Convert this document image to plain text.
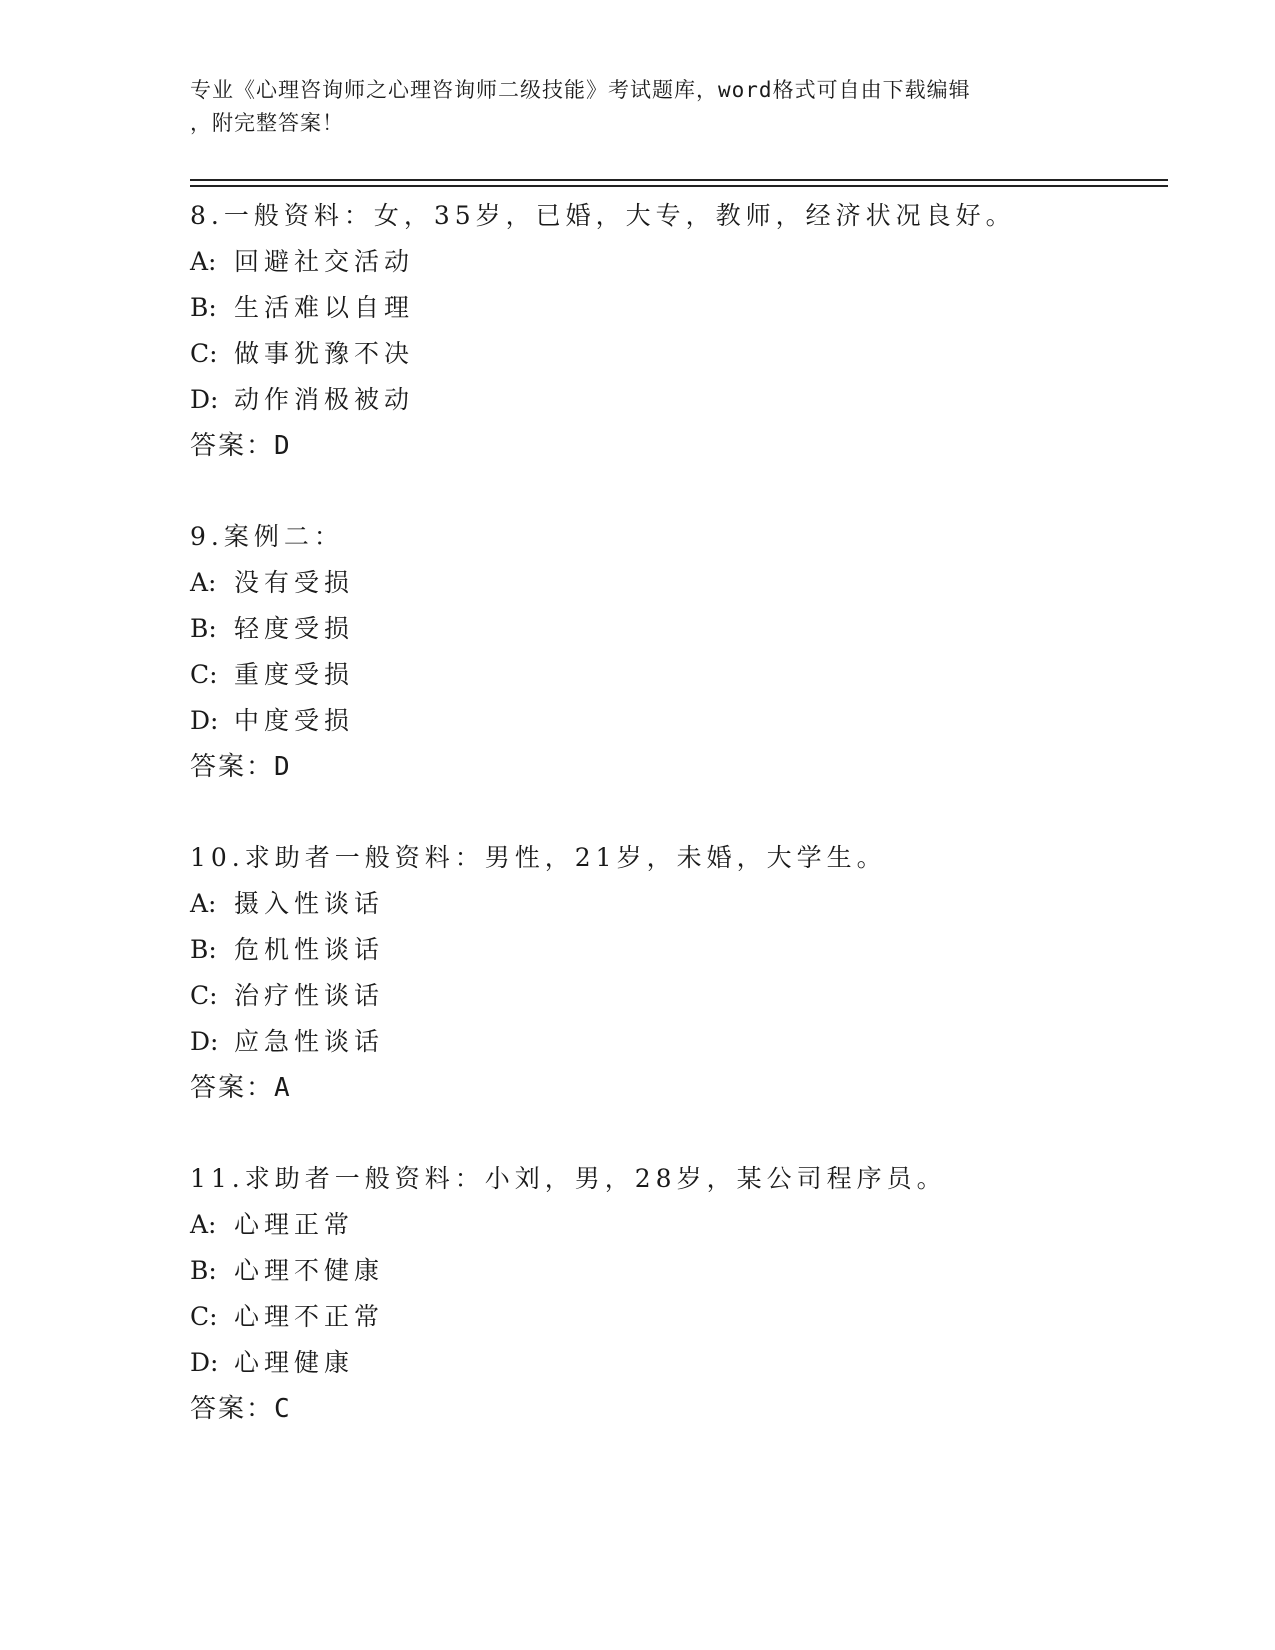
专业《心理咨询师之心理咨询师二级技能》考试题库，word格式可自由下载编辑
，附完整答案！
8.一般资料：女，35岁，已婚，大专，教师，经济状况良好。
A: 回避社交活动
B: 生活难以自理
C: 做事犹豫不决
D: 动作消极被动
答案：D
9.案例二：
A: 没有受损
B: 轻度受损
C: 重度受损
D: 中度受损
答案：D
10.求助者一般资料：男性，21岁，未婚，大学生。
A: 摄入性谈话
B: 危机性谈话
C: 治疗性谈话
D: 应急性谈话
答案：A
11.求助者一般资料：小刘，男，28岁，某公司程序员。
A: 心理正常
B: 心理不健康
C: 心理不正常
D: 心理健康
答案：C
